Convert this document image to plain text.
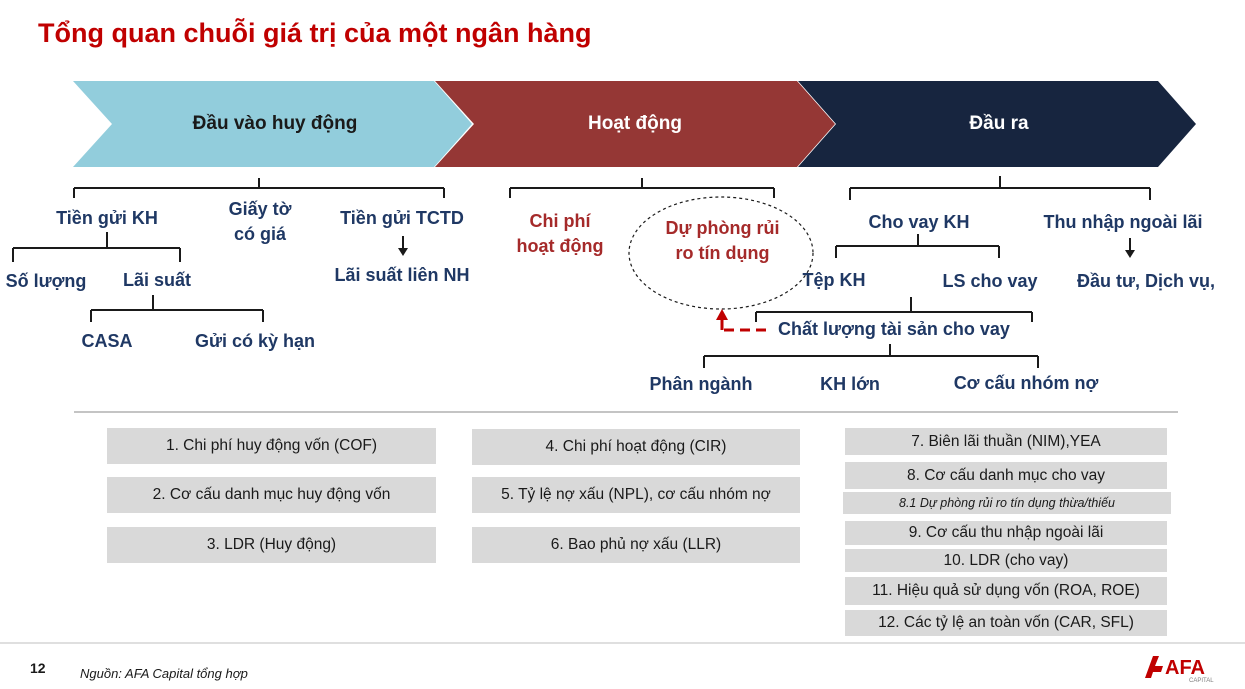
Tổng quan chuỗi giá trị của một ngân hàng
Đầu vào huy động	Hoạt động	Đầu ra
Tiền gửi KH	Giấy tờ
có giá
Tiền gửi TCTD
Số lượng	Lãi suất	Lãi suất liên NH
CASA	Gửi có kỳ hạn
Chi phí
hoạt động
Dự phòng rủi
ro tín dụng
Cho vay KH	Thu nhập ngoài lãi
Tệp KH	LS cho vay	Đầu tư, Dịch vụ,
Chất lượng tài sản cho vay
Phân ngành	KH lớn	Cơ cấu nhóm nợ
1. Chi phí huy động vốn (COF)
2. Cơ cấu danh mục huy động vốn
3. LDR (Huy động)
4. Chi phí hoạt động (CIR)
5. Tỷ lệ nợ xấu (NPL), cơ cấu nhóm nợ
6. Bao phủ nợ xấu (LLR)
7. Biên lãi thuần (NIM),YEA
8. Cơ cấu danh mục cho vay
8.1 Dự phòng rủi ro tín dụng thừa/thiếu
9. Cơ cấu thu nhập ngoài lãi
10. LDR (cho vay)
11. Hiệu quả sử dụng vốn (ROA, ROE)
12. Các tỷ lệ an toàn vốn (CAR, SFL)
12	Nguồn: AFA Capital tổng hợp	AFA
CAPITAL
